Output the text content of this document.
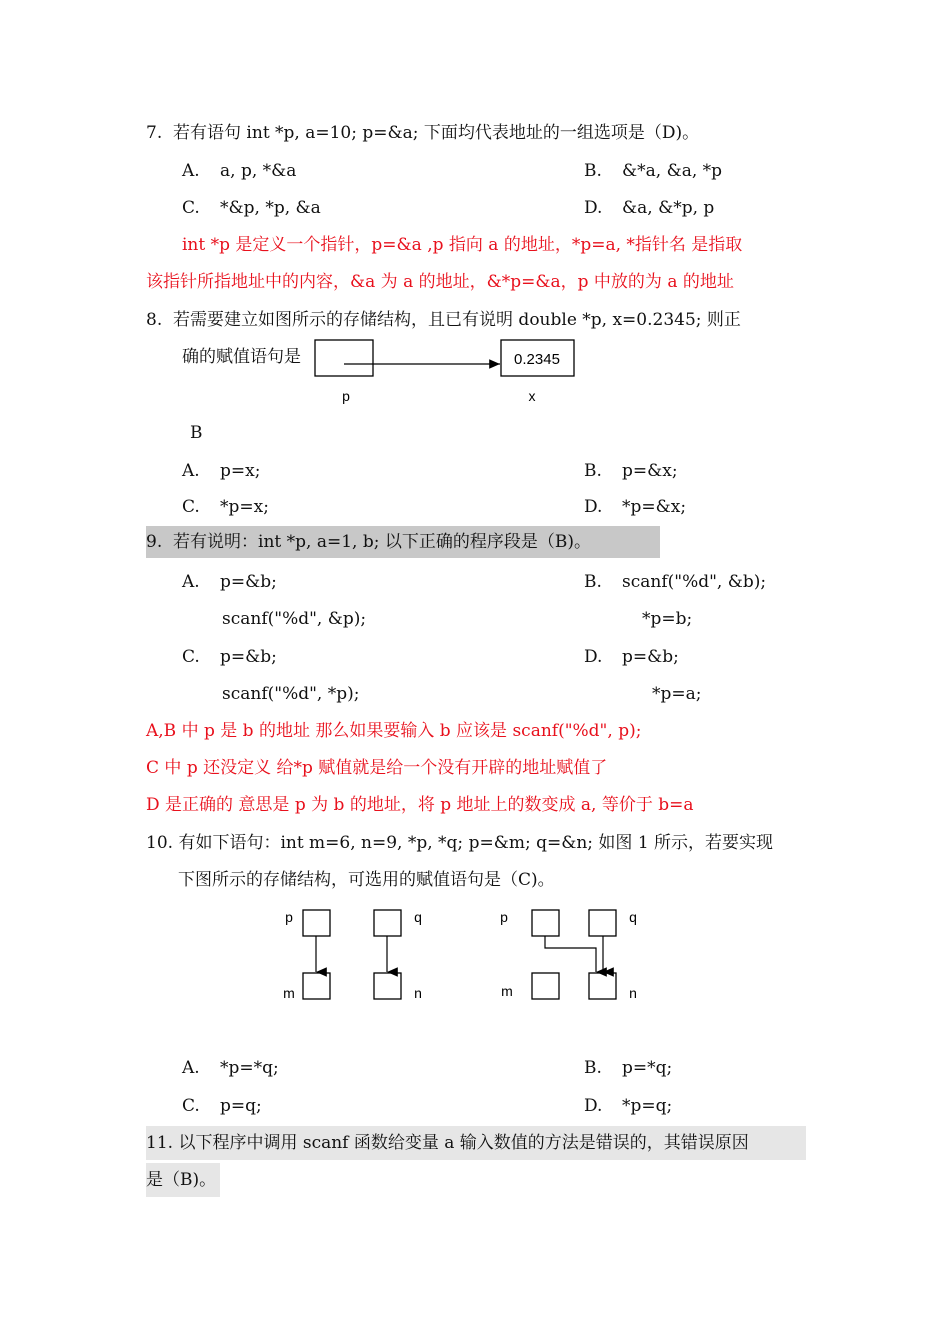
7.  若有语句 int *p, a=10; p=&a; 下面均代表地址的一组选项是（D)。
A. a, p, *&a	B. &*a, &a, *p
C. *&p, *p, &a	D. &a, &*p, p
int *p 是定义一个指针，p=&a ,p 指向 a 的地址，*p=a, *指针名 是指取
该指针所指地址中的内容，&a 为 a 的地址，&*p=&a，p 中放的为 a 的地址
8.  若需要建立如图所示的存储结构，且已有说明 double *p, x=0.2345; 则正
确的赋值语句是	0.2345
p	x
B
A. p=x;	B. p=&x;
C. *p=x;	D. *p=&x;
9.  若有说明：int *p, a=1, b; 以下正确的程序段是（B)。
A. p=&b;
scanf("%d", &p);
B. scanf("%d", &b);
*p=b;
C. p=&b;
scanf("%d", *p);
D. p=&b;
*p=a;
A,B 中 p 是 b 的地址 那么如果要输入 b 应该是 scanf("%d", p);
C 中 p 还没定义 给*p 赋值就是给一个没有开辟的地址赋值了
D 是正确的 意思是 p 为 b 的地址，将 p 地址上的数变成 a, 等价于 b=a
10. 有如下语句：int m=6, n=9, *p, *q; p=&m; q=&n; 如图 1 所示，若要实现
下图所示的存储结构，可选用的赋值语句是（C)。
p	q
m	n
p	q
m	n
A. *p=*q;	B. p=*q;
C. p=q;	D. *p=q;
11. 以下程序中调用 scanf 函数给变量 a 输入数值的方法是错误的，其错误原因
是（B)。
